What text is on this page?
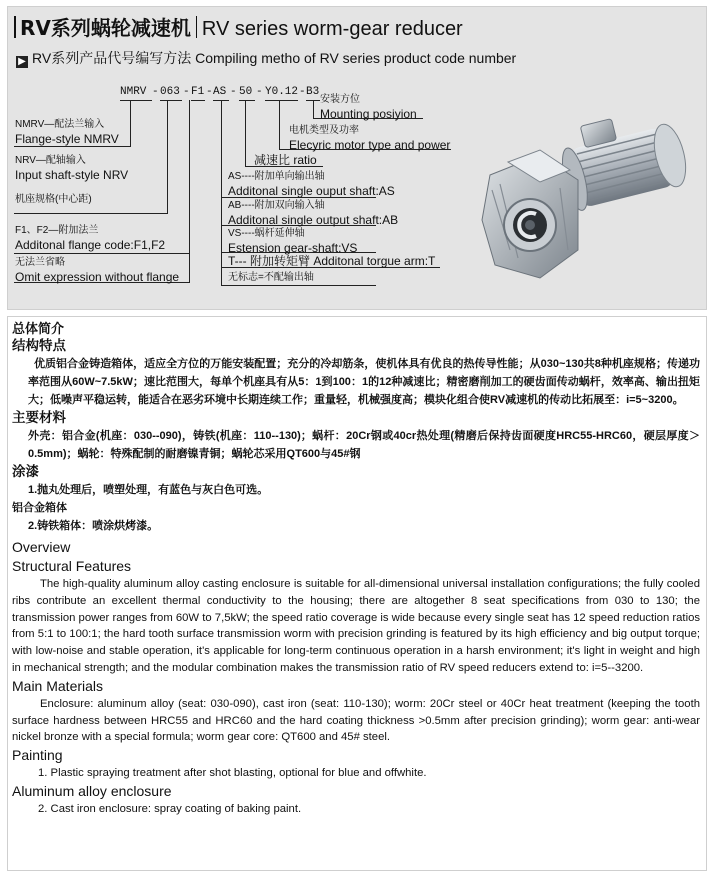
RV系列蜗轮减速机 RV series worm-gear reducer
▶ RV系列产品代号编写方法 Compiling metho of RV series product code number
NMRV - 063 - F1 - AS - 50 - Y0.12 - B3
安装方位
Mounting posiyion
电机类型及功率
Elecyric motor type and power
减速比 ratio
NMRV—配法兰输入
Flange-style NMRV
NRV—配轴输入
Input shaft-style NRV
机座规格(中心距)
F1、F2—附加法兰
Additonal flange code:F1,F2
无法兰省略
Omit expression without flange
AS----附加单向输出轴
Additonal single ouput shaft:AS
AB----附加双向输入轴
Additonal single output shaft:AB
VS----蜗杆延伸轴
Estension gear-shaft:VS
T--- 附加转矩臂 Additonal torgue arm:T
无标志=不配输出轴
总体简介
结构特点
优质铝合金铸造箱体，适应全方位的万能安装配置；充分的冷却筋条，使机体具有优良的热传导性能；从030~130共8种机座规格；传递功率范围从60W~7.5kW；速比范围大，每单个机座具有从5：1到100：1的12种减速比；精密磨削加工的硬齿面传动蜗杆，效率高、输出扭矩大；低噪声平稳运转，能适合在恶劣环境中长期连续工作；重量轻，机械强度高；模块化组合使RV减速机的传动比拓展至：i=5~3200。
主要材料
外壳：铝合金(机座：030--090)，铸铁(机座：110--130)；蜗杆：20Cr钢或40cr热处理(精磨后保持齿面硬度HRC55-HRC60，硬层厚度＞0.5mm)；蜗轮：特殊配制的耐磨镍青铜；蜗轮芯采用QT600与45#钢
涂漆
1.抛丸处理后，喷塑处理，有蓝色与灰白色可选。
铝合金箱体
2.铸铁箱体：喷涂烘烤漆。
Overview
Structural Features
The high-quality aluminum alloy casting enclosure is suitable for all-dimensional universal installation configurations; the fully cooled ribs contribute an excellent thermal conductivity to the housing; there are altogether 8 seat specifications from 030 to 130; the transmission power ranges from 60W to 7,5kW; the speed ratio coverage is wide because every single seat has 12 speed reduction ratios from 5:1 to 100:1; the hard tooth surface transmission worm with precision grinding is featured by its high efficiency and big output torque; with low-noise and stable operation, it's applicable for long-term continuous operation in a harsh environment; it's light in weight and high in mechanical strength; and the modular combination makes the transmission ratio of RV speed reducers extend to: i=5--3200.
Main Materials
Enclosure: aluminum alloy (seat: 030-090), cast iron (seat: 110-130); worm: 20Cr steel or 40Cr heat treatment (keeping the tooth surface hardness between HRC55 and HRC60 and the hard coating thickness >0.5mm after precision grinding); worm gear: anti-wear nickel bronze with a special formula; worm gear core: QT600 and 45# steel.
Painting
1. Plastic spraying treatment after shot blasting, optional for blue and offwhite.
Aluminum alloy enclosure
2. Cast iron enclosure: spray coating of baking paint.
